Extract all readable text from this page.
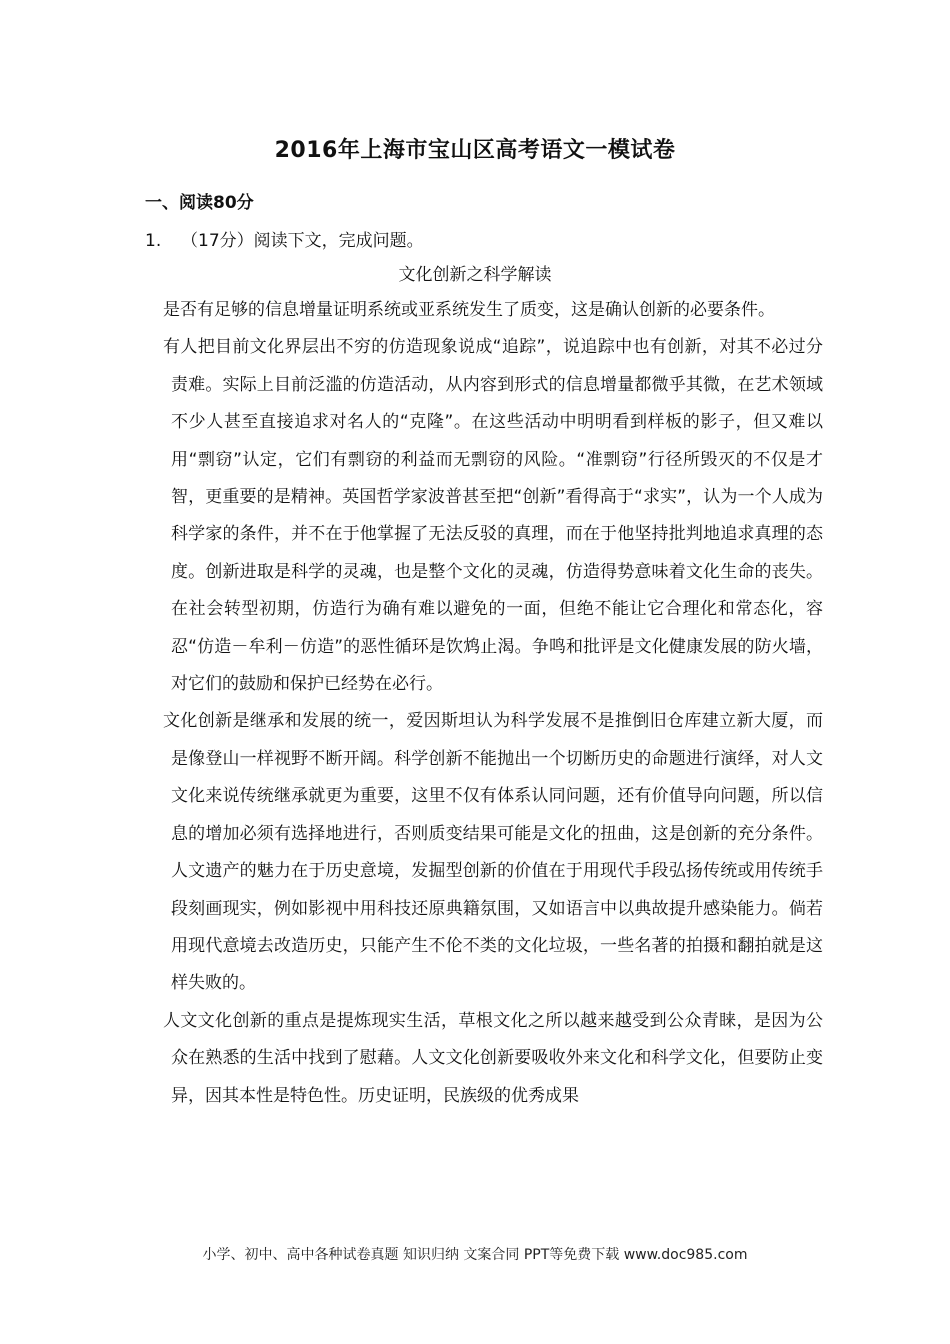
2016年上海市宝山区高考语文一模试卷
一、阅读80分
1. （17分）阅读下文，完成问题。
文化创新之科学解读

是否有足够的信息增量证明系统或亚系统发生了质变，这是确认创新的必要条件。

有人把目前文化界层出不穷的仿造现象说成“追踪”，说追踪中也有创新，对其不必过分责难。实际上目前泛滥的仿造活动，从内容到形式的信息增量都微乎其微，在艺术领域不少人甚至直接追求对名人的“克隆”。在这些活动中明明看到样板的影子，但又难以用“剽窃”认定，它们有剽窃的利益而无剽窃的风险。“准剽窃”行径所毁灭的不仅是才智，更重要的是精神。英国哲学家波普甚至把“创新”看得高于“求实”，认为一个人成为科学家的条件，并不在于他掌握了无法反驳的真理，而在于他坚持批判地追求真理的态度。创新进取是科学的灵魂，也是整个文化的灵魂，仿造得势意味着文化生命的丧失。在社会转型初期，仿造行为确有难以避免的一面，但绝不能让它合理化和常态化，容忍“仿造－牟利－仿造”的恶性循环是饮鸩止渴。争鸣和批评是文化健康发展的防火墙，对它们的鼓励和保护已经势在必行。

文化创新是继承和发展的统一，爱因斯坦认为科学发展不是推倒旧仓库建立新大厦，而是像登山一样视野不断开阔。科学创新不能抛出一个切断历史的命题进行演绎，对人文文化来说传统继承就更为重要，这里不仅有体系认同问题，还有价值导向问题，所以信息的增加必须有选择地进行，否则质变结果可能是文化的扭曲，这是创新的充分条件。人文遗产的魅力在于历史意境，发掘型创新的价值在于用现代手段弘扬传统或用传统手段刻画现实，例如影视中用科技还原典籍氛围，又如语言中以典故提升感染能力。倘若用现代意境去改造历史，只能产生不伦不类的文化垃圾，一些名著的拍摄和翻拍就是这样失败的。

人文文化创新的重点是提炼现实生活，草根文化之所以越来越受到公众青睐，是因为公众在熟悉的生活中找到了慰藉。人文文化创新要吸收外来文化和科学文化，但要防止变异，因其本性是特色性。历史证明，民族级的优秀成果

小学、初中、高中各种试卷真题 知识归纳 文案合同 PPT等免费下载 www.doc985.com
